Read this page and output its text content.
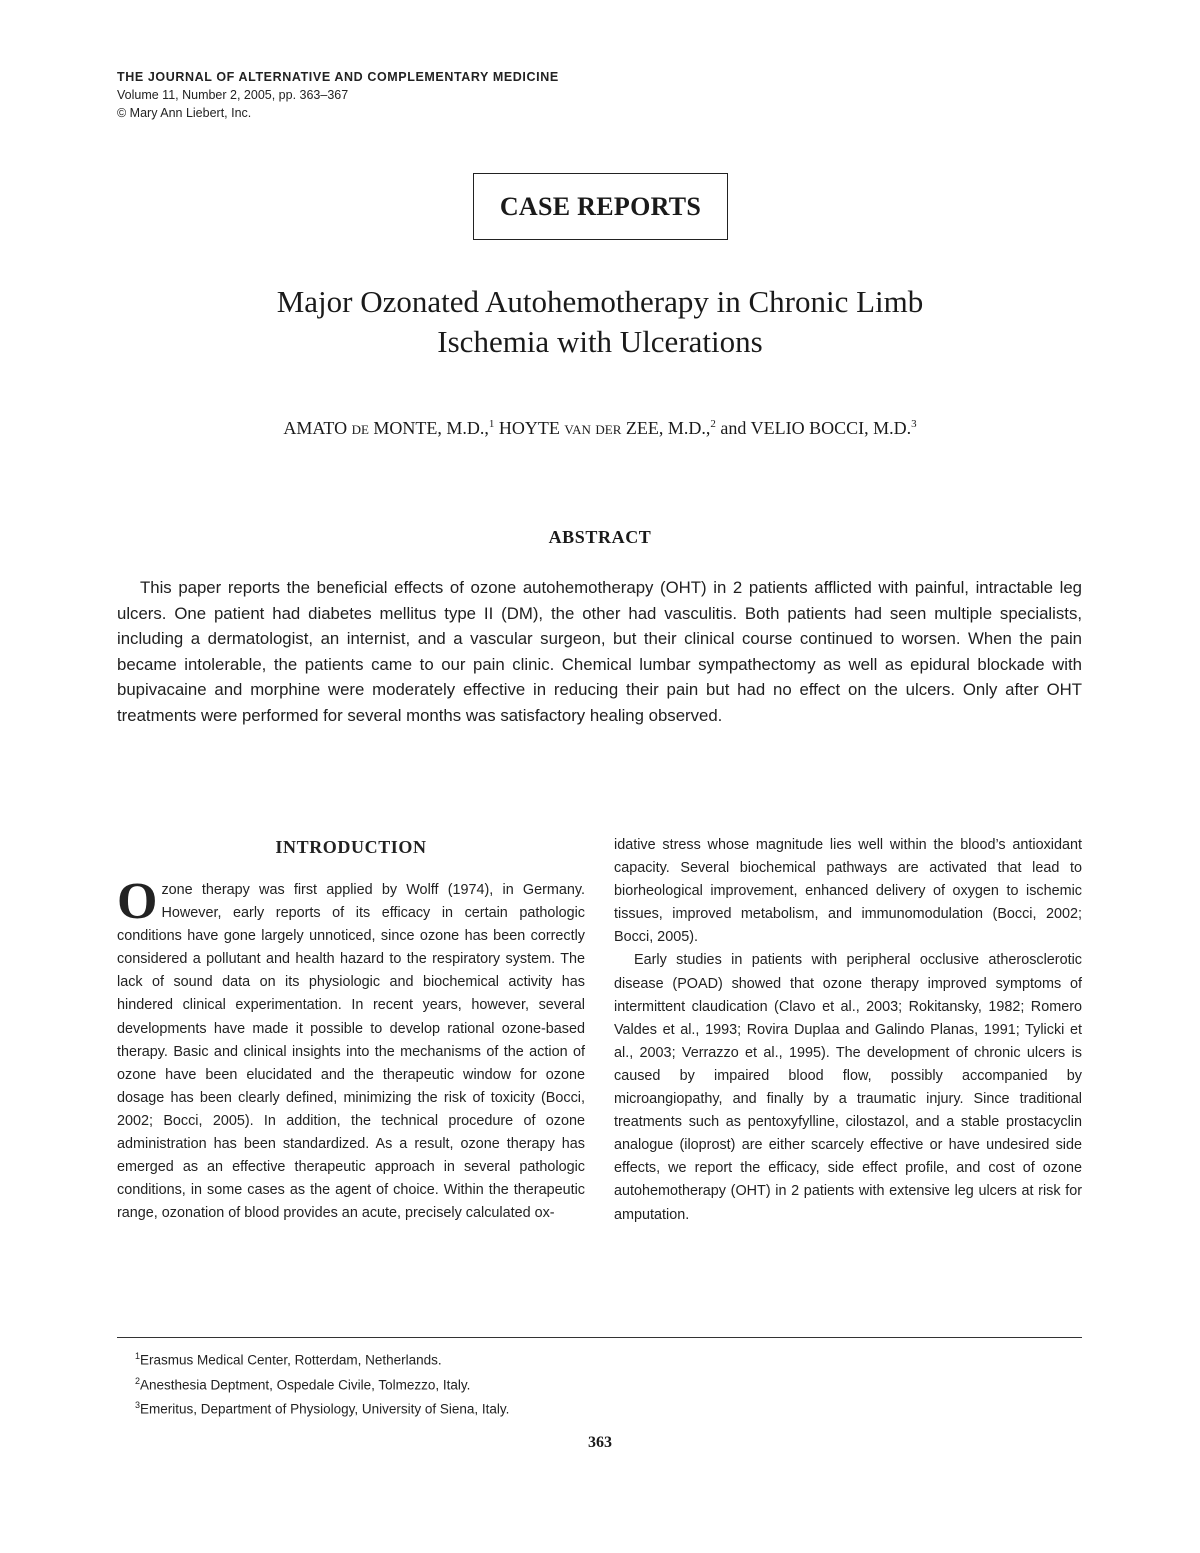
THE JOURNAL OF ALTERNATIVE AND COMPLEMENTARY MEDICINE
Volume 11, Number 2, 2005, pp. 363–367
© Mary Ann Liebert, Inc.
CASE REPORTS
Major Ozonated Autohemotherapy in Chronic Limb
Ischemia with Ulcerations
AMATO de MONTE, M.D.,$^1$ HOYTE van der ZEE, M.D.,$^2$ and VELIO BOCCI, M.D.$^3$
ABSTRACT

This paper reports the beneficial effects of ozone autohemotherapy (OHT) in 2 patients afflicted with painful, intractable leg ulcers. One patient had diabetes mellitus type II (DM), the other had vasculitis. Both patients had seen multiple specialists, including a dermatologist, an internist, and a vascular surgeon, but their clinical course continued to worsen. When the pain became intolerable, the patients came to our pain clinic. Chemical lumbar sympathectomy as well as epidural blockade with bupivacaine and morphine were moderately effective in reducing their pain but had no effect on the ulcers. Only after OHT treatments were performed for several months was satisfactory healing observed.

INTRODUCTION

Ozone therapy was first applied by Wolff (1974), in Germany. However, early reports of its efficacy in certain pathologic conditions have gone largely unnoticed, since ozone has been correctly considered a pollutant and health hazard to the respiratory system. The lack of sound data on its physiologic and biochemical activity has hindered clinical experimentation. In recent years, however, several developments have made it possible to develop rational ozone-based therapy. Basic and clinical insights into the mechanisms of the action of ozone have been elucidated and the therapeutic window for ozone dosage has been clearly defined, minimizing the risk of toxicity (Bocci, 2002; Bocci, 2005). In addition, the technical procedure of ozone administration has been standardized. As a result, ozone therapy has emerged as an effective therapeutic approach in several pathologic conditions, in some cases as the agent of choice. Within the therapeutic range, ozonation of blood provides an acute, precisely calculated ox-

idative stress whose magnitude lies well within the blood’s antioxidant capacity. Several biochemical pathways are activated that lead to biorheological improvement, enhanced delivery of oxygen to ischemic tissues, improved metabolism, and immunomodulation (Bocci, 2002; Bocci, 2005).

Early studies in patients with peripheral occlusive atherosclerotic disease (POAD) showed that ozone therapy improved symptoms of intermittent claudication (Clavo et al., 2003; Rokitansky, 1982; Romero Valdes et al., 1993; Rovira Duplaa and Galindo Planas, 1991; Tylicki et al., 2003; Verrazzo et al., 1995). The development of chronic ulcers is caused by impaired blood flow, possibly accompanied by microangiopathy, and finally by a traumatic injury. Since traditional treatments such as pentoxyfylline, cilostazol, and a stable prostacyclin analogue (iloprost) are either scarcely effective or have undesired side effects, we report the efficacy, side effect profile, and cost of ozone autohemotherapy (OHT) in 2 patients with extensive leg ulcers at risk for amputation.

$^1$Erasmus Medical Center, Rotterdam, Netherlands.
$^2$Anesthesia Deptment, Ospedale Civile, Tolmezzo, Italy.
$^3$Emeritus, Department of Physiology, University of Siena, Italy.
363
